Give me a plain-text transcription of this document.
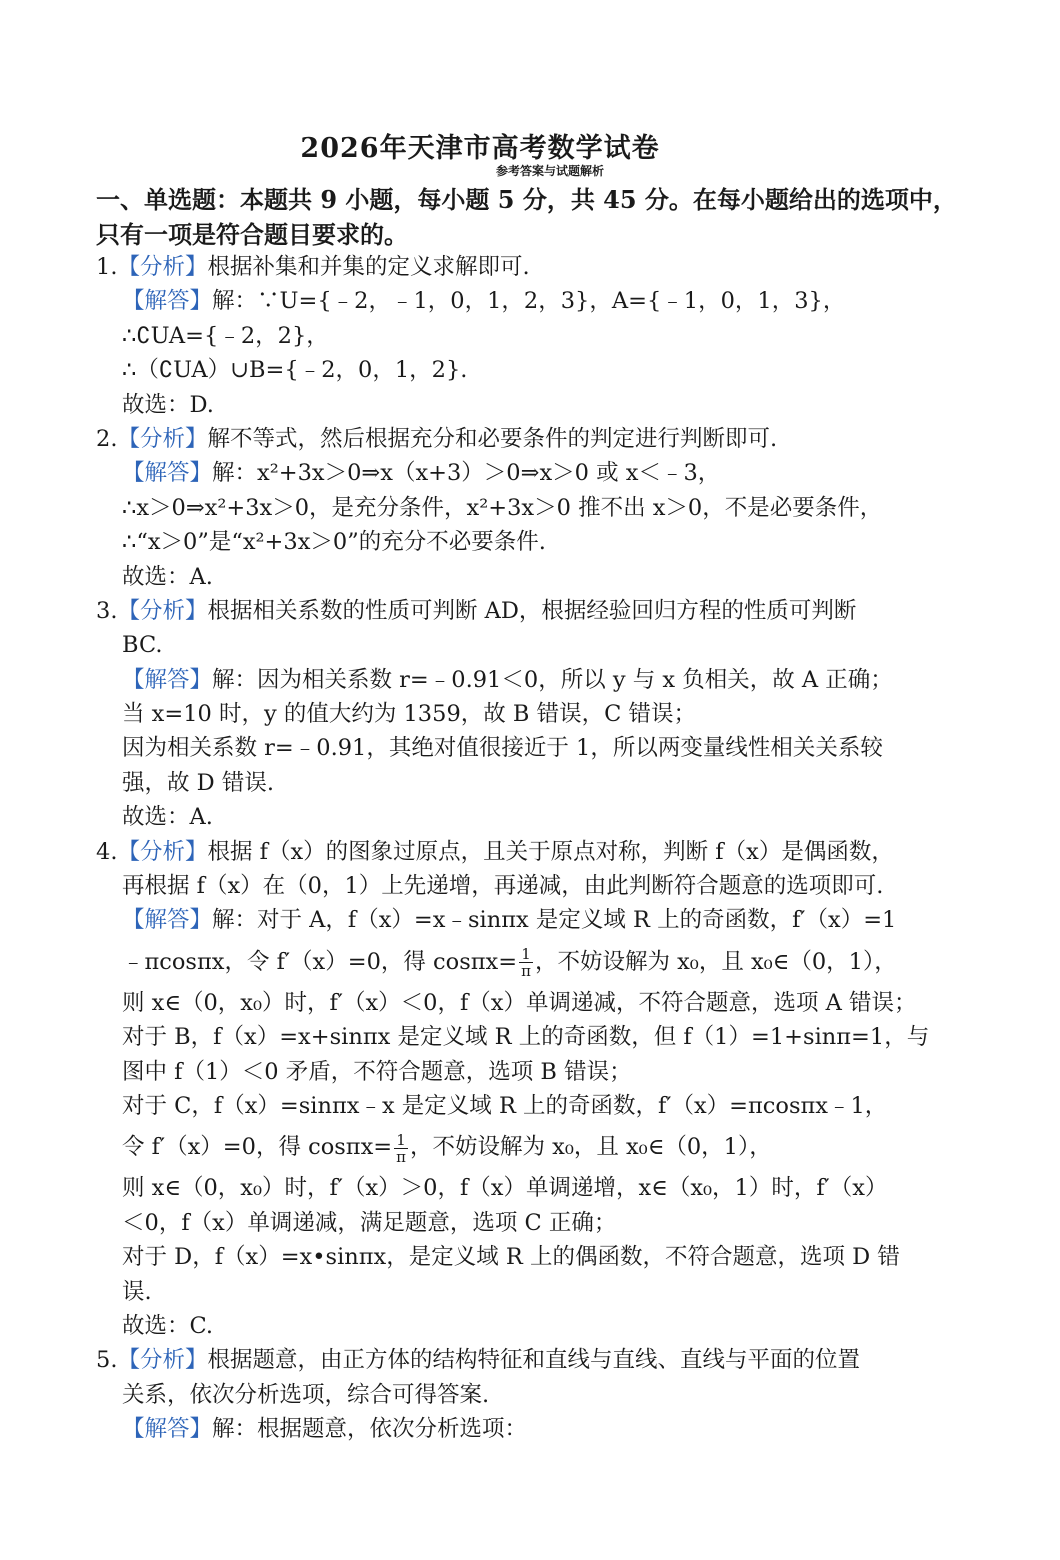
2026年天津市高考数学试卷
参考答案与试题解析
一、单选题：本题共 9 小题，每小题 5 分，共 45 分。在每小题给出的选项中，
只有一项是符合题目要求的。
1.【分析】根据补集和并集的定义求解即可.
【解答】解：∵U={﹣2，﹣1，0，1，2，3}，A={﹣1，0，1，3}，
∴∁UA={﹣2，2}，
∴（∁UA）∪B={﹣2，0，1，2}.
故选：D.
2.【分析】解不等式，然后根据充分和必要条件的判定进行判断即可.
【解答】解：x²+3x＞0⇒x（x+3）＞0⇒x＞0 或 x＜﹣3，
∴x＞0⇒x²+3x＞0，是充分条件，x²+3x＞0 推不出 x＞0，不是必要条件，
∴“x＞0”是“x²+3x＞0”的充分不必要条件.
故选：A.
3.【分析】根据相关系数的性质可判断 AD，根据经验回归方程的性质可判断
BC.
【解答】解：因为相关系数 r=﹣0.91＜0，所以 y 与 x 负相关，故 A 正确；
当 x=10 时，y 的值大约为 1359，故 B 错误，C 错误；
因为相关系数 r=﹣0.91，其绝对值很接近于 1，所以两变量线性相关关系较
强，故 D 错误.
故选：A.
4.【分析】根据 f（x）的图象过原点，且关于原点对称，判断 f（x）是偶函数，
再根据 f（x）在（0，1）上先递增，再递减，由此判断符合题意的选项即可.
【解答】解：对于 A，f（x）=x﹣sinπx 是定义域 R 上的奇函数，f′（x）=1
﹣πcosπx，令 f′（x）=0，得 $\cos\pi x= \frac{1}{\pi}$ ，不妨设解为 x₀，且 x₀∈（0，1），
则 x∈（0，x₀）时，f′（x）＜0，f（x）单调递减，不符合题意，选项 A 错误；
对于 B，f（x）=x+sinπx 是定义域 R 上的奇函数，但 f（1）=1+sinπ=1，与
图中 f（1）＜0 矛盾，不符合题意，选项 B 错误；
对于 C，f（x）=sinπx﹣x 是定义域 R 上的奇函数，f′（x）=πcosπx﹣1，
令 f′（x）=0，得 $\cos\pi x= \frac{1}{\pi}$ ，不妨设解为 x₀，且 x₀∈（0，1），
则 x∈（0，x₀）时，f′（x）＞0，f（x）单调递增，x∈（x₀，1）时，f′（x）
＜0，f（x）单调递减，满足题意，选项 C 正确；
对于 D，f（x）=x•sinπx，是定义域 R 上的偶函数，不符合题意，选项 D 错
误.
故选：C.
5.【分析】根据题意，由正方体的结构特征和直线与直线、直线与平面的位置
关系，依次分析选项，综合可得答案.
【解答】解：根据题意，依次分析选项：
